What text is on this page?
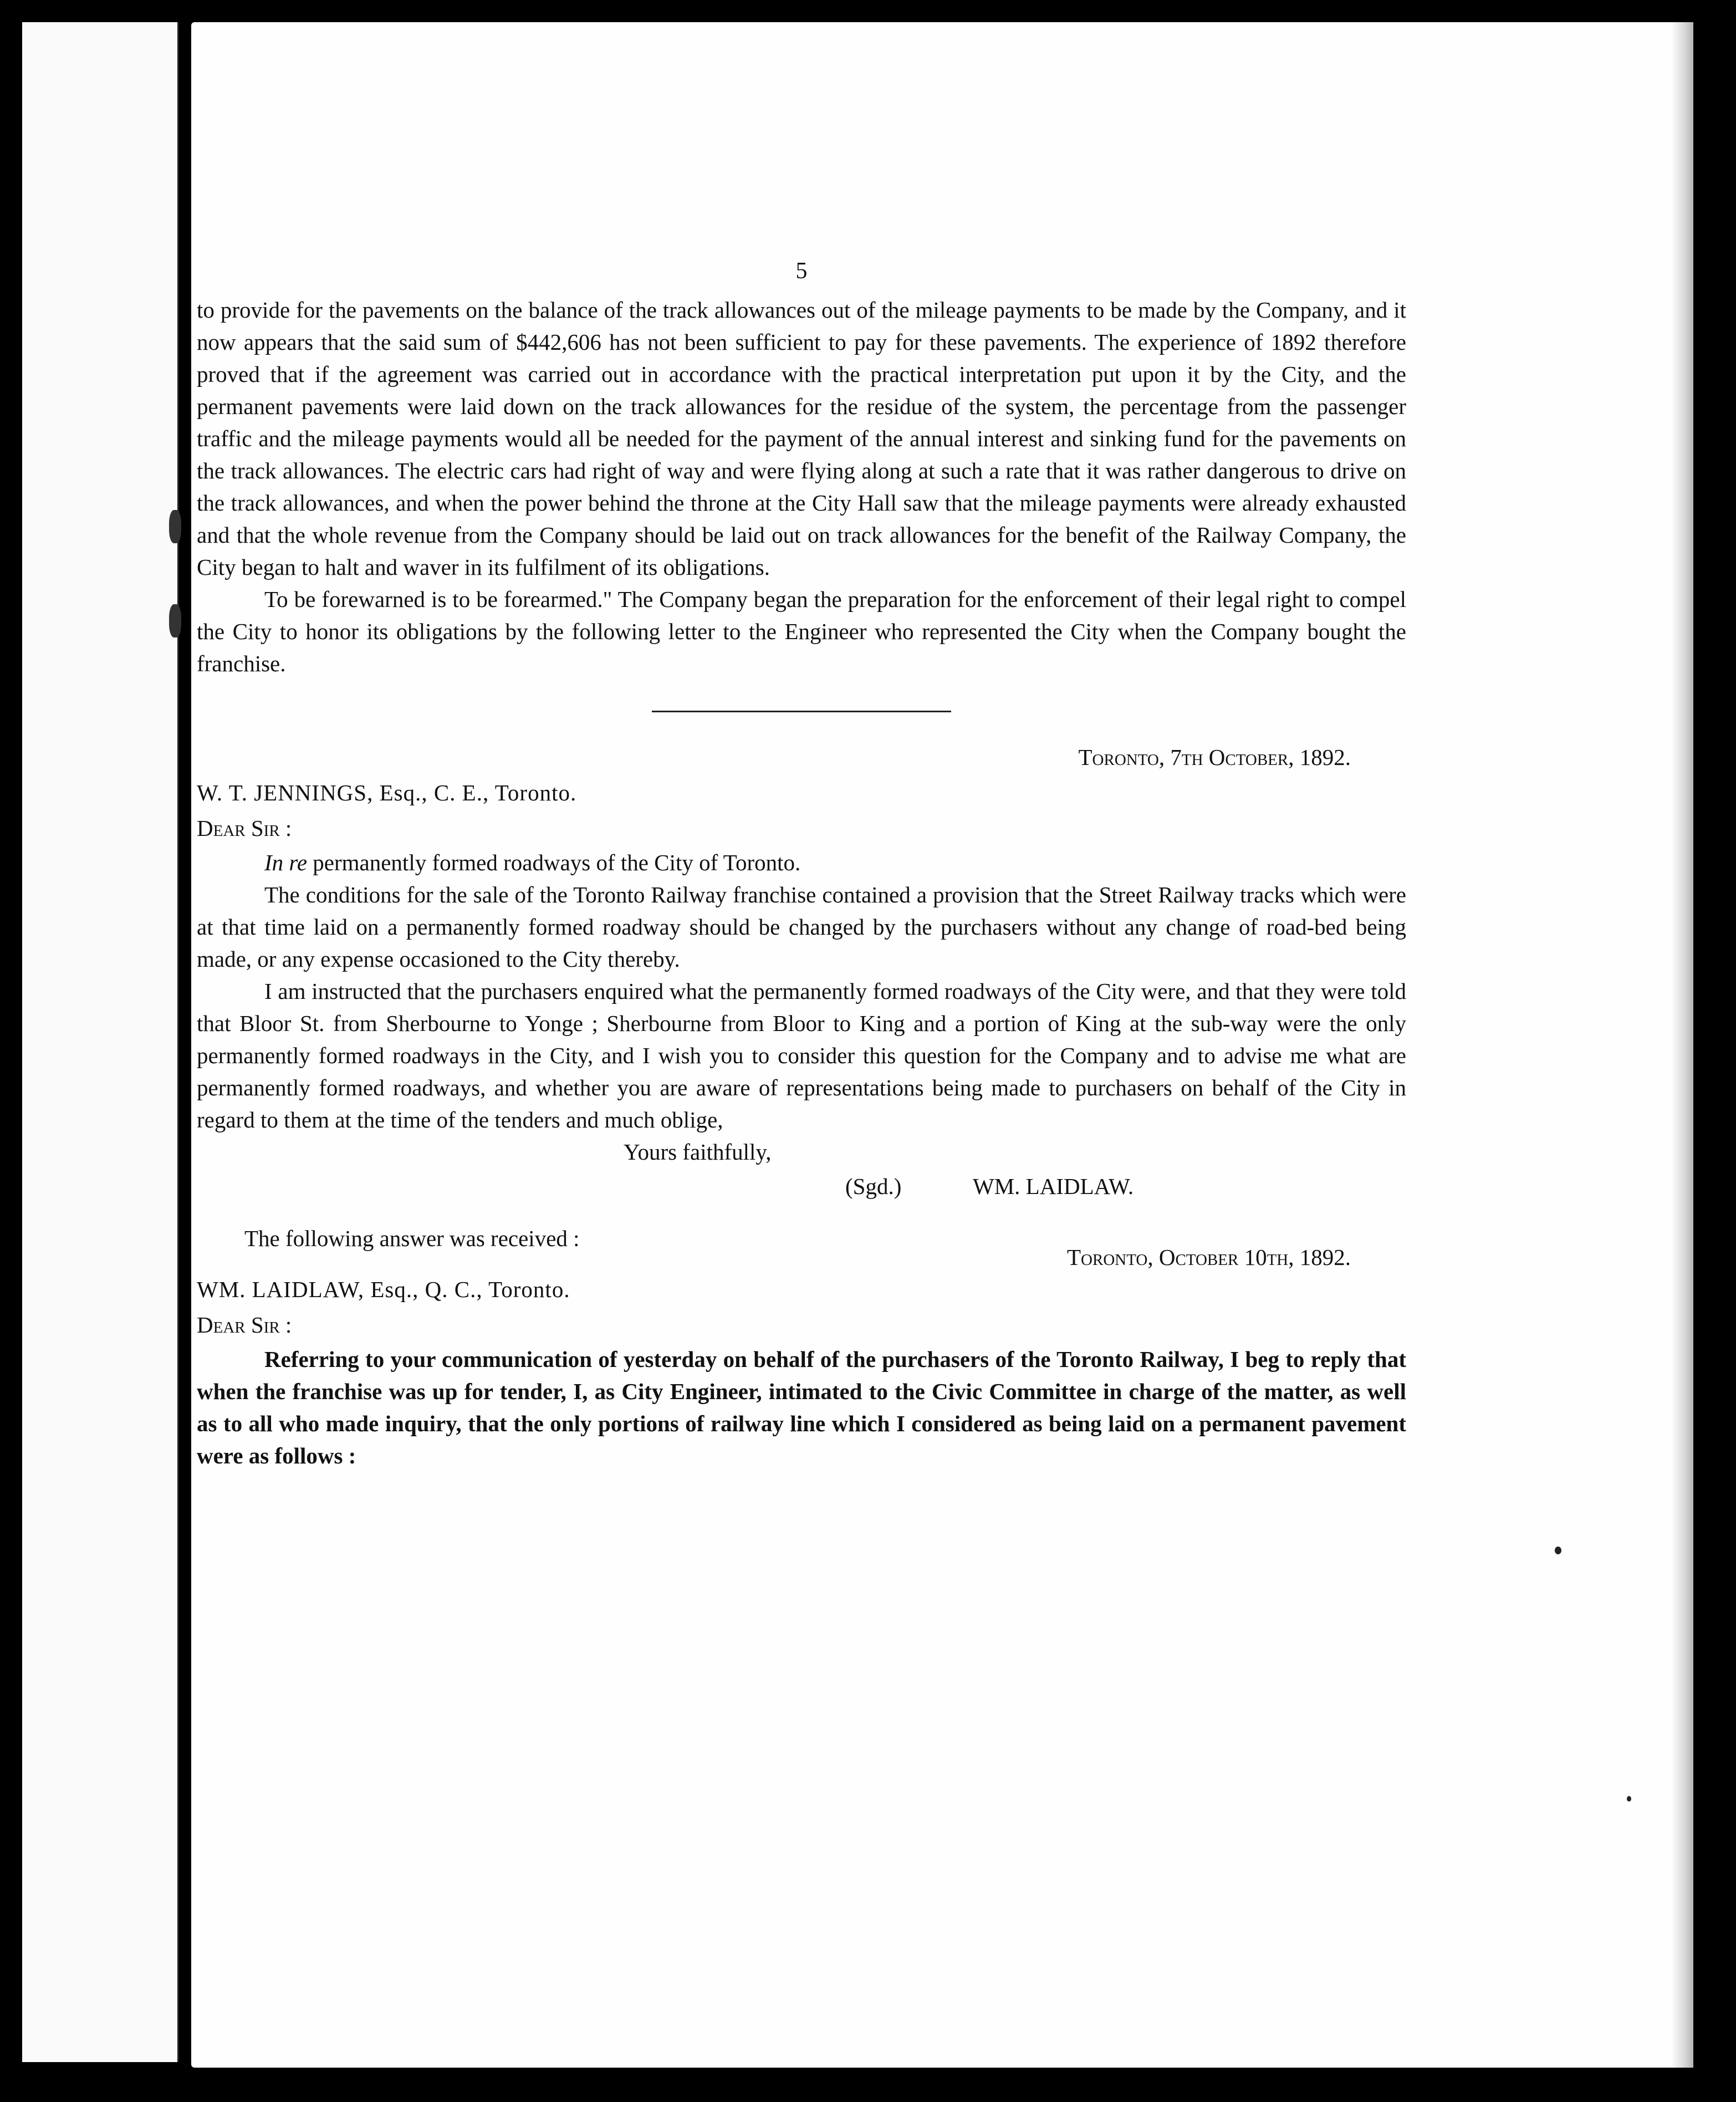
5

to provide for the pavements on the balance of the track allowances out of the mileage payments to be made by the Company, and it now appears that the said sum of $442,606 has not been sufficient to pay for these pavements. The experience of 1892 therefore proved that if the agreement was carried out in accordance with the practical interpretation put upon it by the City, and the permanent pavements were laid down on the track allowances for the residue of the system, the percentage from the passenger traffic and the mileage payments would all be needed for the payment of the annual interest and sinking fund for the pavements on the track allowances. The electric cars had right of way and were flying along at such a rate that it was rather dangerous to drive on the track allowances, and when the power behind the throne at the City Hall saw that the mileage payments were already exhausted and that the whole revenue from the Company should be laid out on track allowances for the benefit of the Railway Company, the City began to halt and waver in its fulfilment of its obligations.

To be forewarned is to be forearmed." The Company began the preparation for the enforcement of their legal right to compel the City to honor its obligations by the following letter to the Engineer who represented the City when the Company bought the franchise.

Toronto, 7th October, 1892.
W. T. JENNINGS, Esq., C. E., Toronto.
Dear Sir :

In re permanently formed roadways of the City of Toronto.

The conditions for the sale of the Toronto Railway franchise contained a provision that the Street Railway tracks which were at that time laid on a permanently formed roadway should be changed by the purchasers without any change of road-bed being made, or any expense occasioned to the City thereby.

I am instructed that the purchasers enquired what the permanently formed roadways of the City were, and that they were told that Bloor St. from Sherbourne to Yonge ; Sherbourne from Bloor to King and a portion of King at the sub-way were the only permanently formed roadways in the City, and I wish you to consider this question for the Company and to advise me what are permanently formed roadways, and whether you are aware of representations being made to purchasers on behalf of the City in regard to them at the time of the tenders and much oblige,

Yours faithfully,
(Sgd.)	WM. LAIDLAW.
The following answer was received :
Toronto, October 10th, 1892.
WM. LAIDLAW, Esq., Q. C., Toronto.
Dear Sir :

Referring to your communication of yesterday on behalf of the purchasers of the Toronto Railway, I beg to reply that when the franchise was up for tender, I, as City Engineer, intimated to the Civic Committee in charge of the matter, as well as to all who made inquiry, that the only portions of railway line which I considered as being laid on a permanent pavement were as follows :
